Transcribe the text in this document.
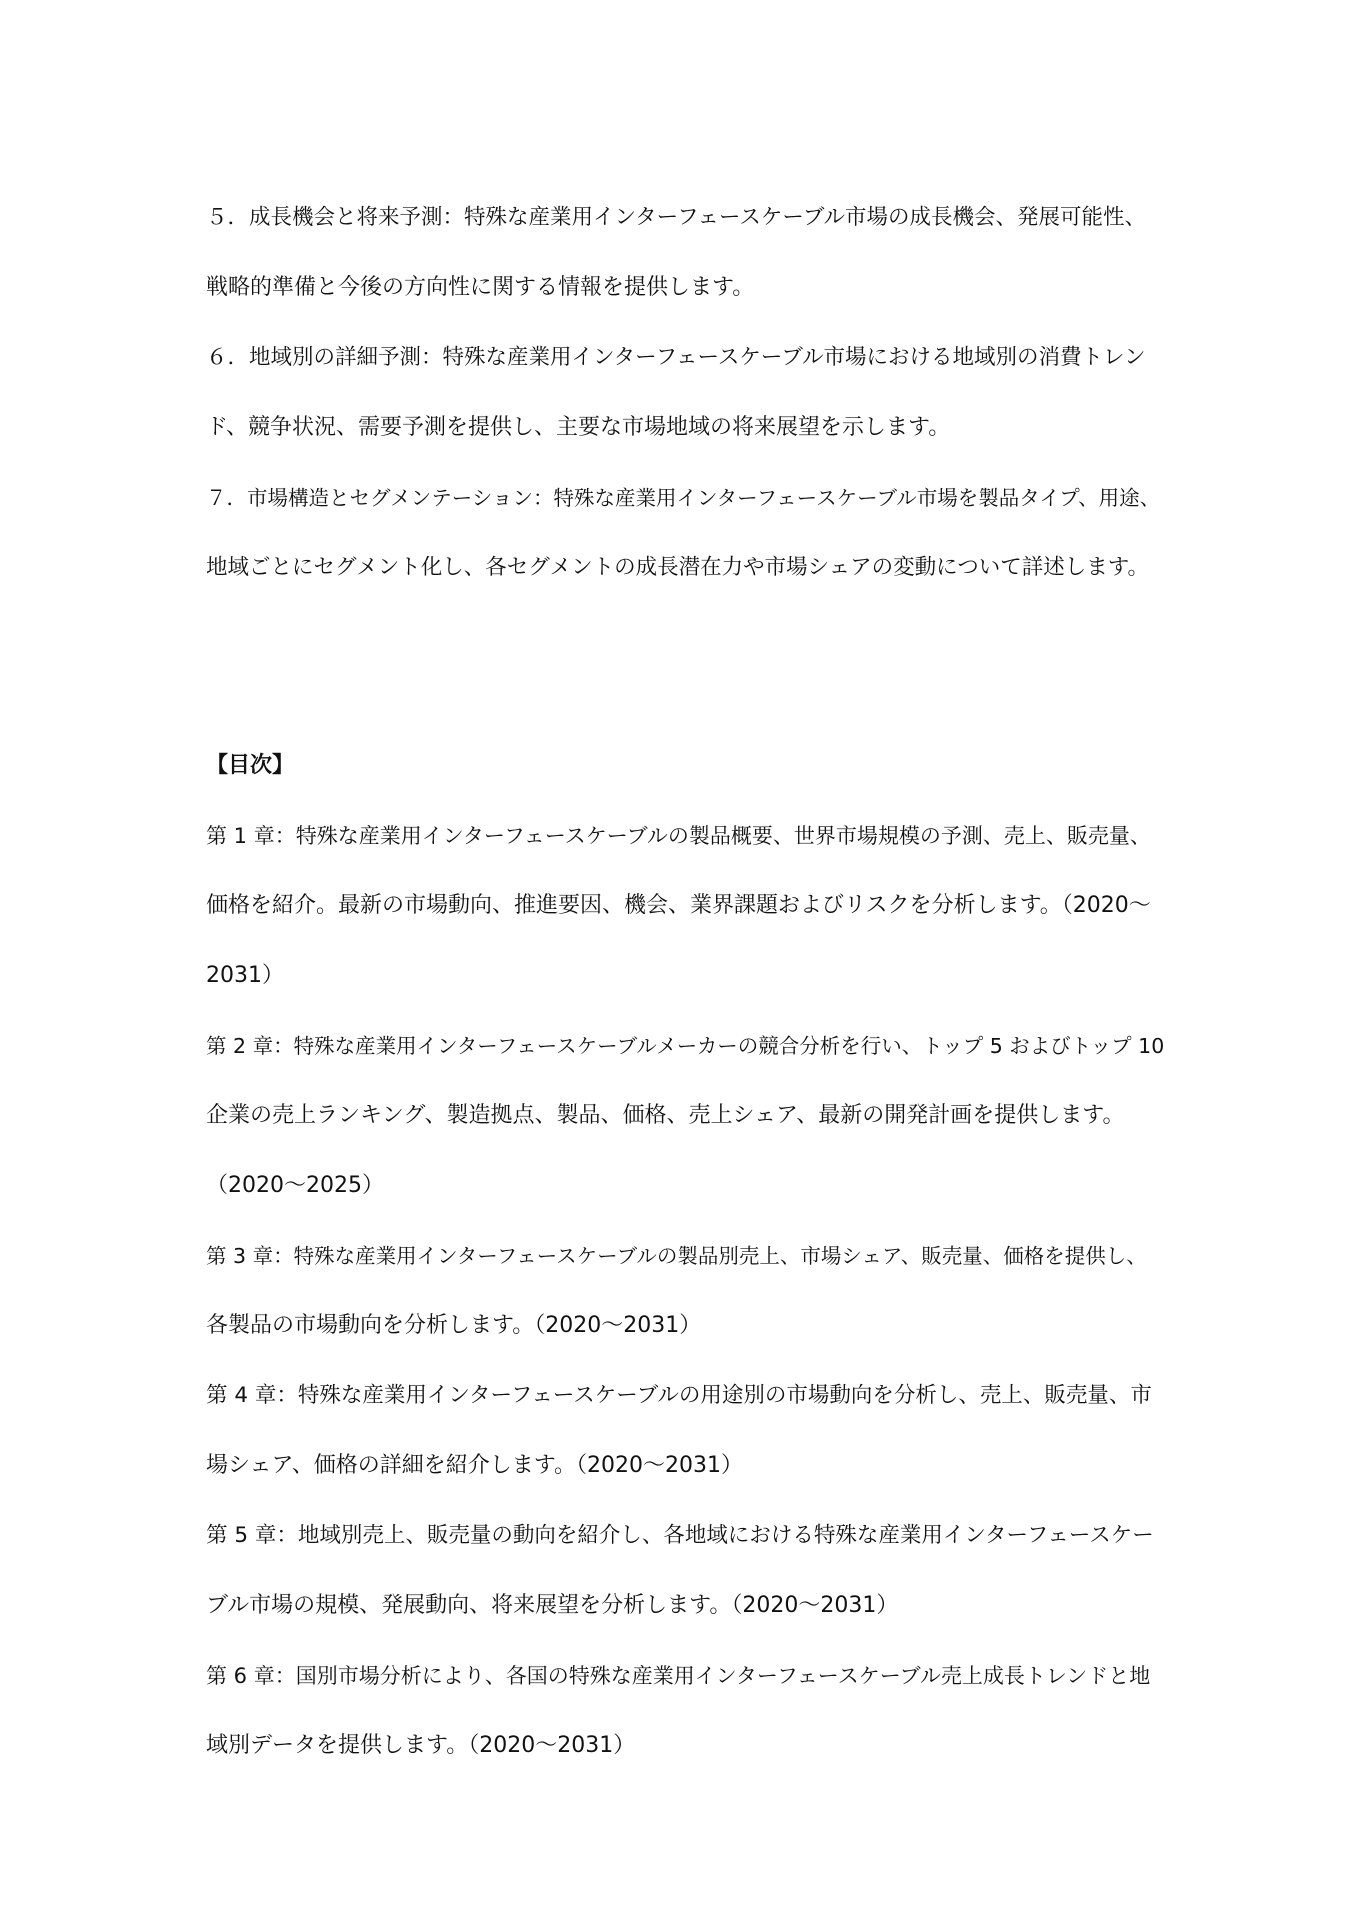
５．成長機会と将来予測：特殊な産業用インターフェースケーブル市場の成長機会、発展可能性、
戦略的準備と今後の方向性に関する情報を提供します。
６．地域別の詳細予測：特殊な産業用インターフェースケーブル市場における地域別の消費トレン
ド、競争状況、需要予測を提供し、主要な市場地域の将来展望を示します。
７．市場構造とセグメンテーション：特殊な産業用インターフェースケーブル市場を製品タイプ、用途、
地域ごとにセグメント化し、各セグメントの成長潜在力や市場シェアの変動について詳述します。
【目次】
第 1 章：特殊な産業用インターフェースケーブルの製品概要、世界市場規模の予測、売上、販売量、
価格を紹介。最新の市場動向、推進要因、機会、業界課題およびリスクを分析します。（2020～
2031）
第 2 章：特殊な産業用インターフェースケーブルメーカーの競合分析を行い、トップ 5 およびトップ 10
企業の売上ランキング、製造拠点、製品、価格、売上シェア、最新の開発計画を提供します。
（2020～2025）
第 3 章：特殊な産業用インターフェースケーブルの製品別売上、市場シェア、販売量、価格を提供し、
各製品の市場動向を分析します。（2020～2031）
第 4 章：特殊な産業用インターフェースケーブルの用途別の市場動向を分析し、売上、販売量、市
場シェア、価格の詳細を紹介します。（2020～2031）
第 5 章：地域別売上、販売量の動向を紹介し、各地域における特殊な産業用インターフェースケー
ブル市場の規模、発展動向、将来展望を分析します。（2020～2031）
第 6 章：国別市場分析により、各国の特殊な産業用インターフェースケーブル売上成長トレンドと地
域別データを提供します。（2020～2031）
